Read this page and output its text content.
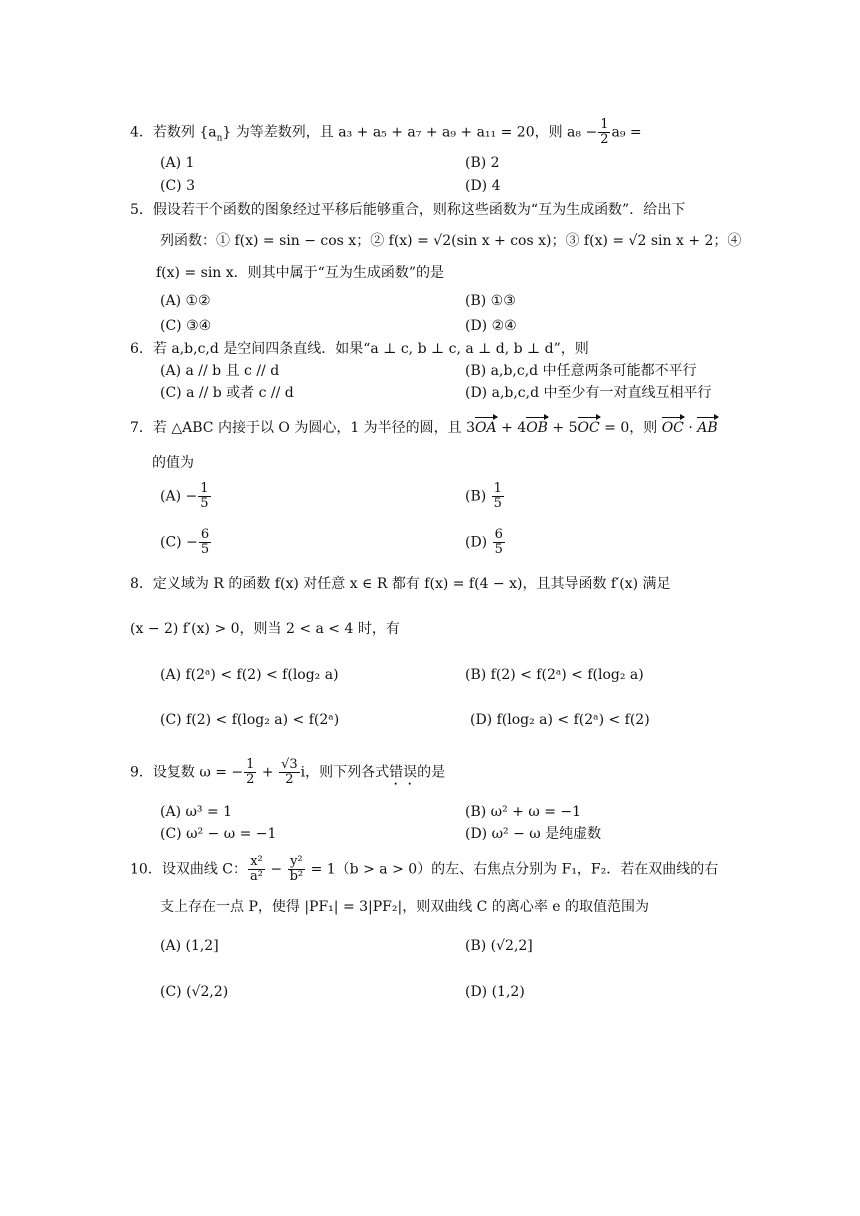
4．若数列 $\{a_n\}$ 为等差数列，且 a₃ + a₅ + a₇ + a₉ + a₁₁ = 20，则 $a_8 - \frac{1}{2} a_9$ =
(A) 1	(B) 2
(C) 3	(D) 4
5．假设若干个函数的图象经过平移后能够重合，则称这些函数为“互为生成函数”．给出下
列函数：① f(x) = sin − cos x；② f(x) = √2(sin x + cos x)；③ f(x) = √2 sin x + 2；④
f(x) = sin x．则其中属于“互为生成函数”的是
(A) ①②	(B) ①③
(C) ③④	(D) ②④
6．若 a,b,c,d 是空间四条直线．如果“a ⊥ c, b ⊥ c, a ⊥ d, b ⊥ d”，则
(A) a // b 且 c // d	(B) a,b,c,d 中任意两条可能都不平行
(C) a // b 或者 c // d	(D) a,b,c,d 中至少有一对直线互相平行
7．若 △ABC 内接于以 O 为圆心，1 为半径的圆，且 3OA + 4OB + 5OC = 0，则 OC · AB
的值为
$(A) - \frac{1}{5}$	$(B) \frac{1}{5}$
$(C) - \frac{6}{5}$	$(D) \frac{6}{5}$
8．定义域为 R 的函数 f(x) 对任意 x ∈ R 都有 f(x) = f(4 − x)，且其导函数 f′(x) 满足
(x − 2) f′(x) > 0，则当 2 < a < 4 时，有
(A) f(2ᵃ) < f(2) < f(log₂ a)	(B) f(2) < f(2ᵃ) < f(log₂ a)
(C) f(2) < f(log₂ a) < f(2ᵃ)	(D) f(log₂ a) < f(2ᵃ) < f(2)
9．设复数 ω = − $\frac{1}{2} + \frac{√3}{2}$ i，则下列各式错误的是
(A) ω³ = 1	(B) ω² + ω = −1
(C) ω² − ω = −1	(D) ω² − ω 是纯虚数
10．设双曲线 C： $\frac{\text{x²}}{\text{a²}} - \frac{\text{y²}}{\text{b²}} = 1(b > a > 0)$的左、右焦点分别为 F₁，F₂．若在双曲线的右
支上存在一点 P，使得 |PF₁| = 3|PF₂|，则双曲线 C 的离心率 e 的取值范围为
(A) (1,2]	(B) (√2,2]
(C) (√2,2)	(D) (1,2)
